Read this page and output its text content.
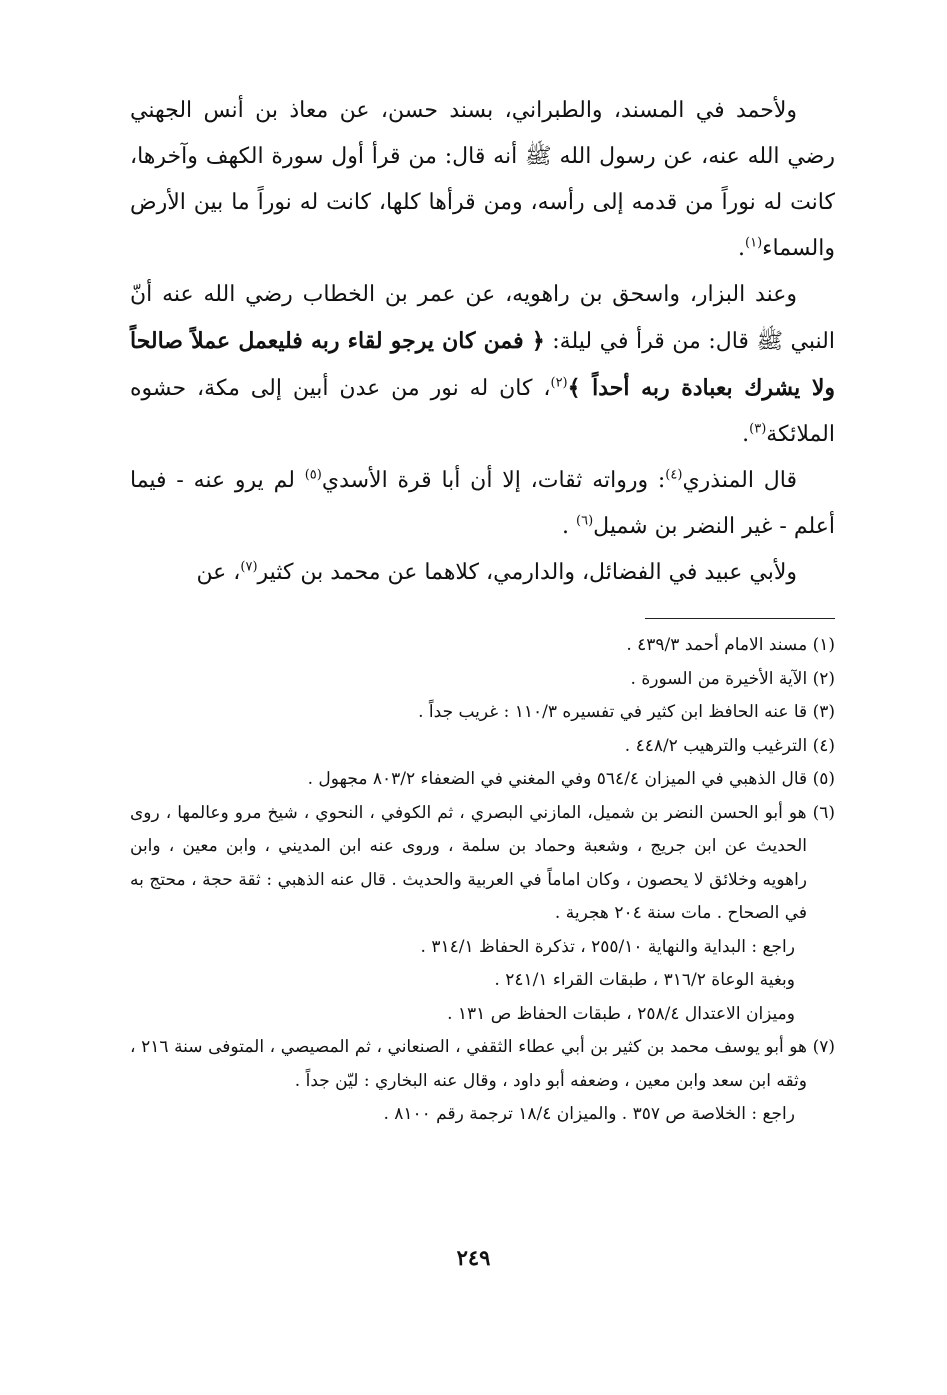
ولأحمد في المسند، والطبراني، بسند حسن، عن معاذ بن أنس الجهني رضي الله عنه، عن رسول الله ﷺ أنه قال: من قرأ أول سورة الكهف وآخرها، كانت له نوراً من قدمه إلى رأسه، ومن قرأها كلها، كانت له نوراً ما بين الأرض والسماء$^{(١)}$.

وعند البزار، واسحق بن راهويه، عن عمر بن الخطاب رضي الله عنه أنّ النبي ﷺ قال: من قرأ في ليلة: ﴿ فمن كان يرجو لقاء ربه فليعمل عملاً صالحاً ولا يشرك بعبادة ربه أحداً ﴾$^{(٢)}$، كان له نور من عدن أبين إلى مكة، حشوه الملائكة$^{(٣)}$.

قال المنذري$^{(٤)}$: ورواته ثقات، إلا أن أبا قرة الأسدي$^{(٥)}$ لم يرو عنه - فيما أعلم - غير النضر بن شميل$^{(٦)}$ .

ولأبي عبيد في الفضائل، والدارمي، كلاهما عن محمد بن كثير$^{(٧)}$، عن

(١) مسند الامام أحمد ٤٣٩/٣ .

(٢) الآية الأخيرة من السورة .

(٣) قا عنه الحافظ ابن كثير في تفسيره ١١٠/٣ : غريب جداً .

(٤) الترغيب والترهيب ٤٤٨/٢ .

(٥) قال الذهبي في الميزان ٥٦٤/٤ وفي المغني في الضعفاء ٨٠٣/٢ مجهول .

(٦) هو أبو الحسن النضر بن شميل، المازني البصري ، ثم الكوفي ، النحوي ، شيخ مرو وعالمها ، روى الحديث عن ابن جريج ، وشعبة وحماد بن سلمة ، وروى عنه ابن المديني ، وابن معين ، وابن راهويه وخلائق لا يحصون ، وكان اماماً في العربية والحديث . قال عنه الذهبي : ثقة حجة ، محتج به في الصحاح . مات سنة ٢٠٤ هجرية .

راجع : البداية والنهاية ٢٥٥/١٠ ، تذكرة الحفاظ ٣١٤/١ .

وبغية الوعاة ٣١٦/٢ ، طبقات القراء ٢٤١/١ .

وميزان الاعتدال ٢٥٨/٤ ، طبقات الحفاظ ص ١٣١ .

(٧) هو أبو يوسف محمد بن كثير بن أبي عطاء الثقفي ، الصنعاني ، ثم المصيصي ، المتوفى سنة ٢١٦ ، وثقه ابن سعد وابن معين ، وضعفه أبو داود ، وقال عنه البخاري : ليّن جداً .

راجع : الخلاصة ص ٣٥٧ . والميزان ١٨/٤ ترجمة رقم ٨١٠٠ .

٢٤٩
